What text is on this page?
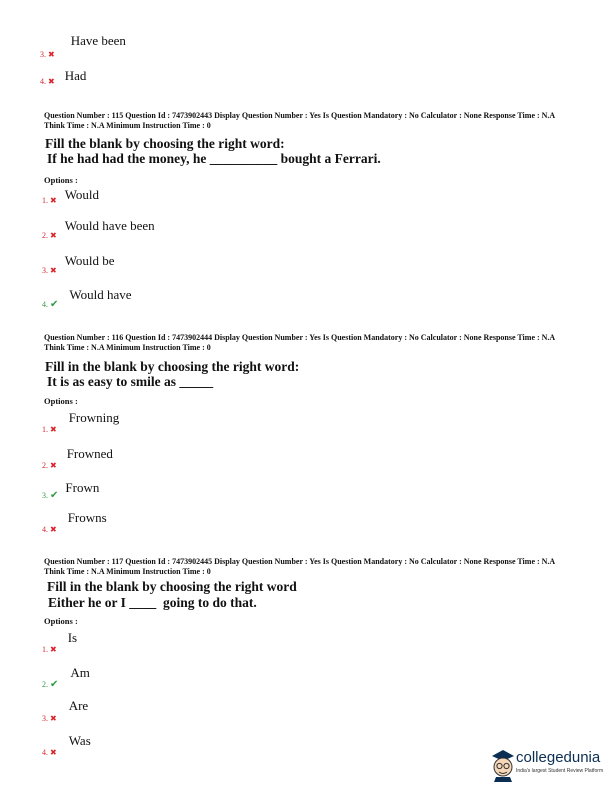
$_{3.}$ ✖ Have been
$_{4.}$ ✖ Had
Question Number : 115 Question Id : 7473902443 Display Question Number : Yes Is Question Mandatory : No Calculator : None Response Time : N.A Think Time : N.A Minimum Instruction Time : 0
Fill the blank by choosing the right word:
If he had had the money, he __________ bought a Ferrari.
Options :
$_{1.}$ ✖ Would
$_{2.}$ ✖ Would have been
$_{3.}$ ✖ Would be
$_{4.}$ ✔ Would have
Question Number : 116 Question Id : 7473902444 Display Question Number : Yes Is Question Mandatory : No Calculator : None Response Time : N.A Think Time : N.A Minimum Instruction Time : 0
Fill in the blank by choosing the right word:
It is as easy to smile as _____
Options :
$_{1.}$ ✖ Frowning
$_{2.}$ ✖ Frowned
$_{3.}$ ✔ Frown
$_{4.}$ ✖ Frowns
Question Number : 117 Question Id : 7473902445 Display Question Number : Yes Is Question Mandatory : No Calculator : None Response Time : N.A Think Time : N.A Minimum Instruction Time : 0
Fill in the blank by choosing the right word
Either he or I ____  going to do that.
Options :
$_{1.}$ ✖ Is
$_{2.}$ ✔ Am
$_{3.}$ ✖ Are
$_{4.}$ ✖ Was
collegedunia
India's largest Student Review Platform
